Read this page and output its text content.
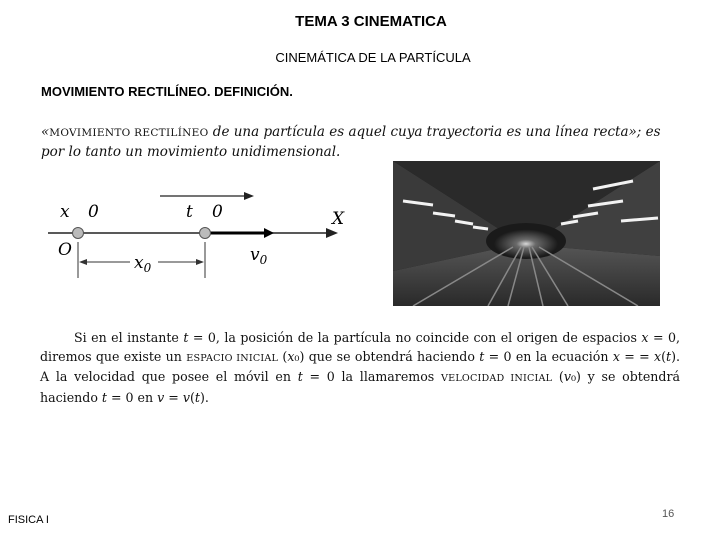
TEMA 3 CINEMATICA
CINEMÁTICA DE LA PARTÍCULA
MOVIMIENTO RECTILÍNEO. DEFINICIÓN.
«MOVIMIENTO RECTILÍNEO de una partícula es aquel cuya trayectoria es una línea recta»; es por lo tanto un movimiento unidimensional.
x 0	t 0	X
O
$x_0$
$v_0$
Si en el instante t = 0, la posición de la partícula no coincide con el origen de espacios x = 0, diremos que existe un ESPACIO INICIAL (x₀) que se obtendrá haciendo t = 0 en la ecuación x = = x(t). A la velocidad que posee el móvil en t = 0 la llamaremos VELOCIDAD INICIAL (v₀) y se obtendrá haciendo t = 0 en v = v(t).
FISICA I	16
